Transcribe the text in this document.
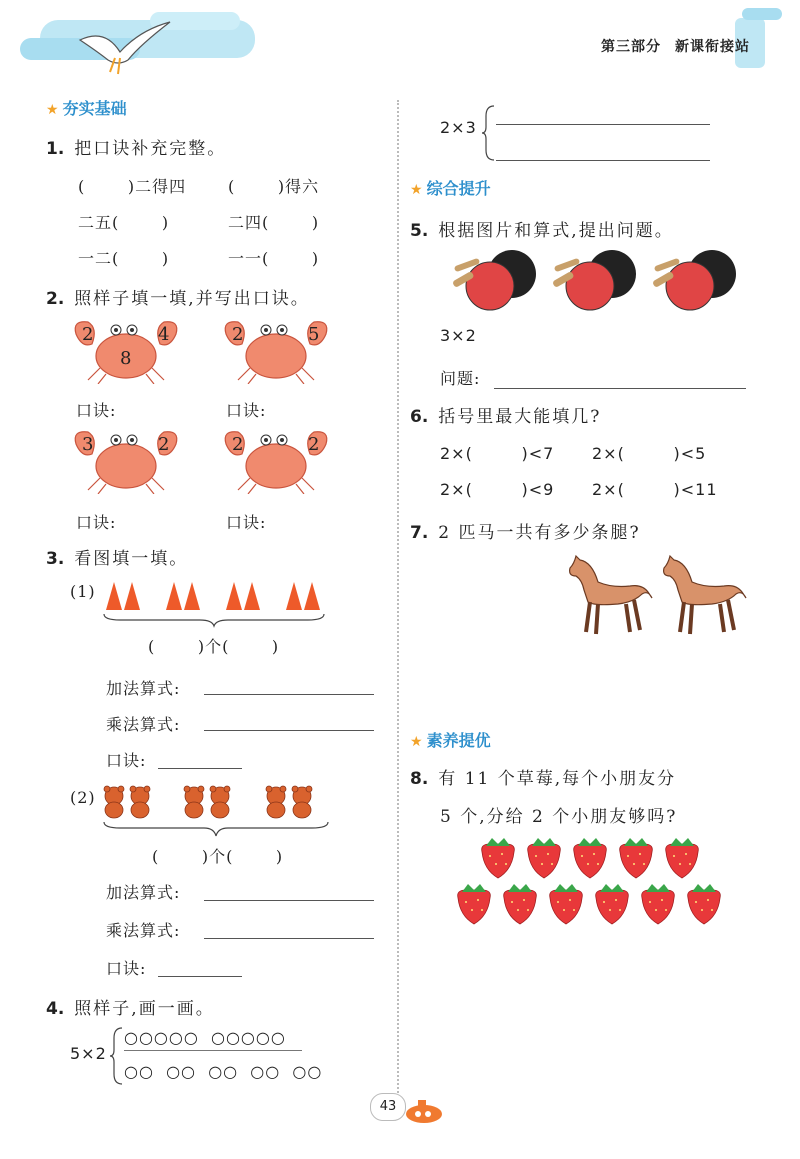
第三部分 新课衔接站
★ 夯实基础
1. 把口诀补充完整。
(       )二得四	(       )得六
二五(       )	二四(       )
一二(       )	一一(       )
2. 照样子填一填,并写出口诀。
2	4
8
2	5
口诀:	口诀:
3	2	2	2
口诀:	口诀:
3. 看图填一填。
(1)
(       )个(       )
加法算式:
乘法算式:
口诀:
(2)
(       )个(       )
加法算式:
乘法算式:
口诀:
4. 照样子,画一画。
5×2
○○○○○  ○○○○○
○○  ○○  ○○  ○○  ○○
2×3
★ 综合提升
5. 根据图片和算式,提出问题。
3×2
问题:
6. 括号里最大能填几?
2×(        )<7 2×(        )<5
2×(        )<9 2×(        )<11
7. 2 匹马一共有多少条腿?
★ 素养提优
8. 有 11 个草莓,每个小朋友分
5 个,分给 2 个小朋友够吗?
43
